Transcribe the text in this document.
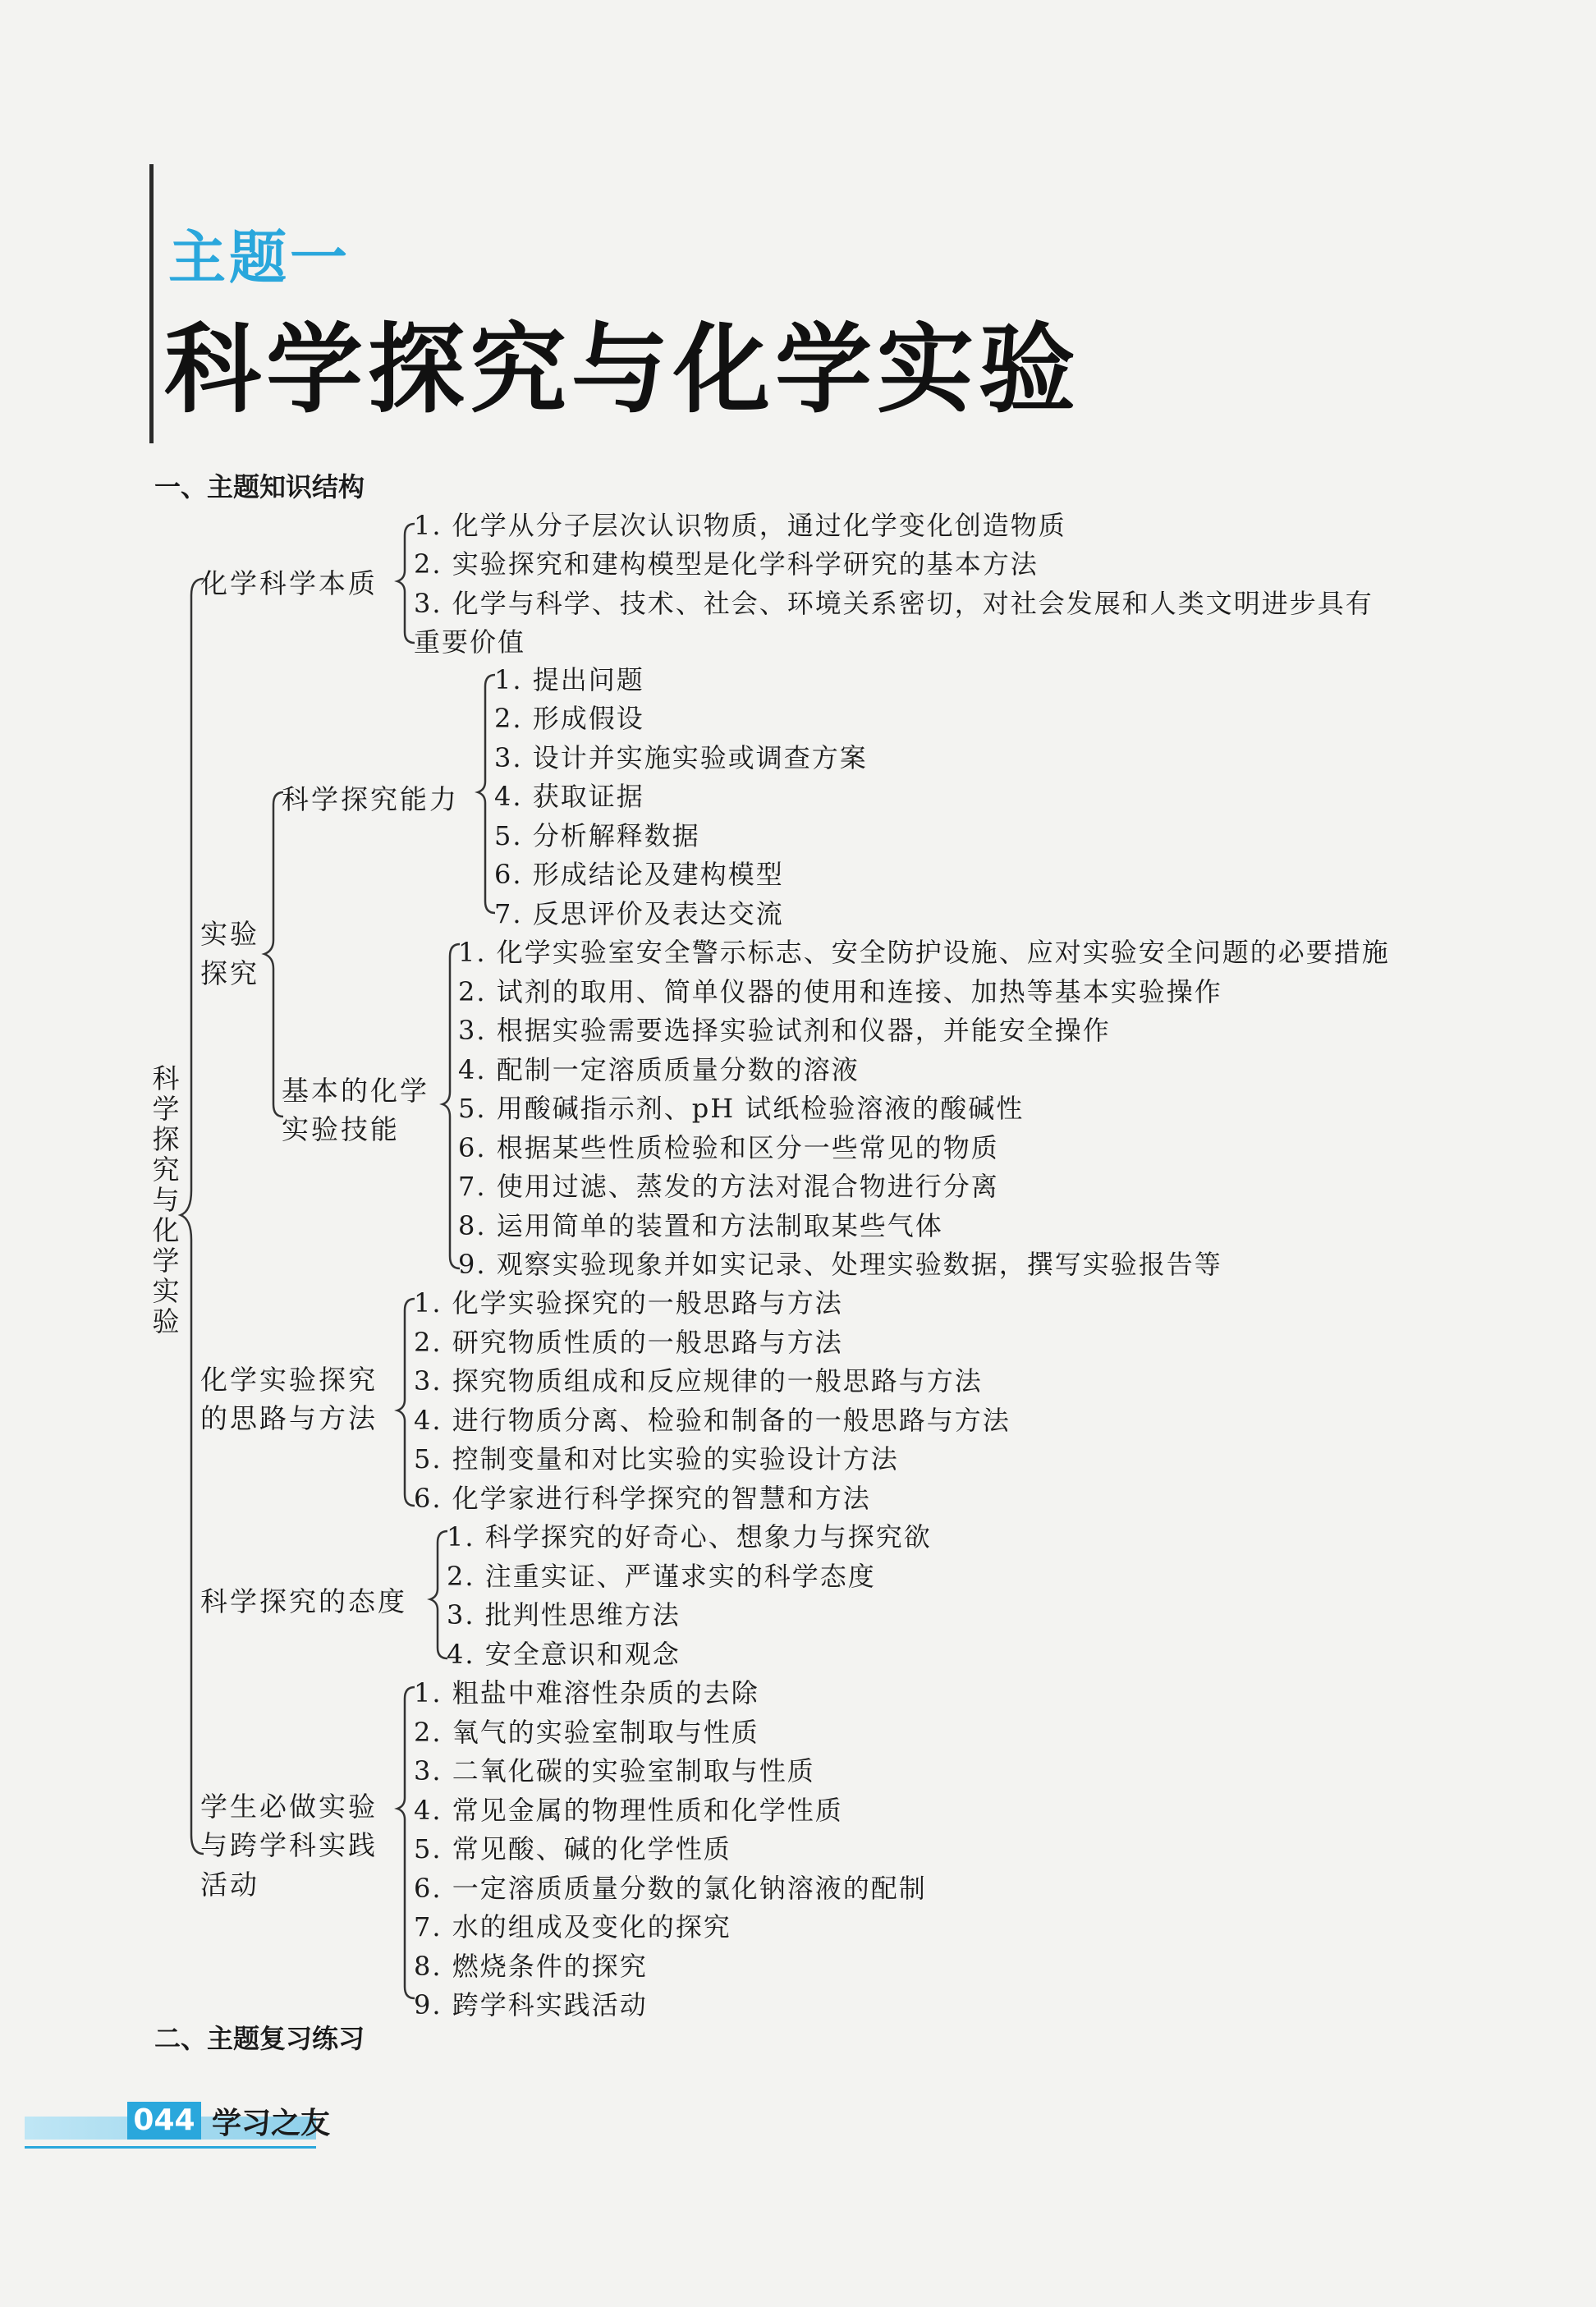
主题一
科学探究与化学实验
一、主题知识结构
二、主题复习练习
科学探究与化学实验
化学科学本质
1. 化学从分子层次认识物质，通过化学变化创造物质
2. 实验探究和建构模型是化学科学研究的基本方法
3. 化学与科学、技术、社会、环境关系密切，对社会发展和人类文明进步具有
重要价值
实验
探究
科学探究能力
1. 提出问题
2. 形成假设
3. 设计并实施实验或调查方案
4. 获取证据
5. 分析解释数据
6. 形成结论及建构模型
7. 反思评价及表达交流
基本的化学
实验技能
1. 化学实验室安全警示标志、安全防护设施、应对实验安全问题的必要措施
2. 试剂的取用、简单仪器的使用和连接、加热等基本实验操作
3. 根据实验需要选择实验试剂和仪器，并能安全操作
4. 配制一定溶质质量分数的溶液
5. 用酸碱指示剂、pH 试纸检验溶液的酸碱性
6. 根据某些性质检验和区分一些常见的物质
7. 使用过滤、蒸发的方法对混合物进行分离
8. 运用简单的装置和方法制取某些气体
9. 观察实验现象并如实记录、处理实验数据，撰写实验报告等
化学实验探究
的思路与方法
1. 化学实验探究的一般思路与方法
2. 研究物质性质的一般思路与方法
3. 探究物质组成和反应规律的一般思路与方法
4. 进行物质分离、检验和制备的一般思路与方法
5. 控制变量和对比实验的实验设计方法
6. 化学家进行科学探究的智慧和方法
科学探究的态度
1. 科学探究的好奇心、想象力与探究欲
2. 注重实证、严谨求实的科学态度
3. 批判性思维方法
4. 安全意识和观念
学生必做实验
与跨学科实践
活动
1. 粗盐中难溶性杂质的去除
2. 氧气的实验室制取与性质
3. 二氧化碳的实验室制取与性质
4. 常见金属的物理性质和化学性质
5. 常见酸、碱的化学性质
6. 一定溶质质量分数的氯化钠溶液的配制
7. 水的组成及变化的探究
8. 燃烧条件的探究
9. 跨学科实践活动
044 学习之友
